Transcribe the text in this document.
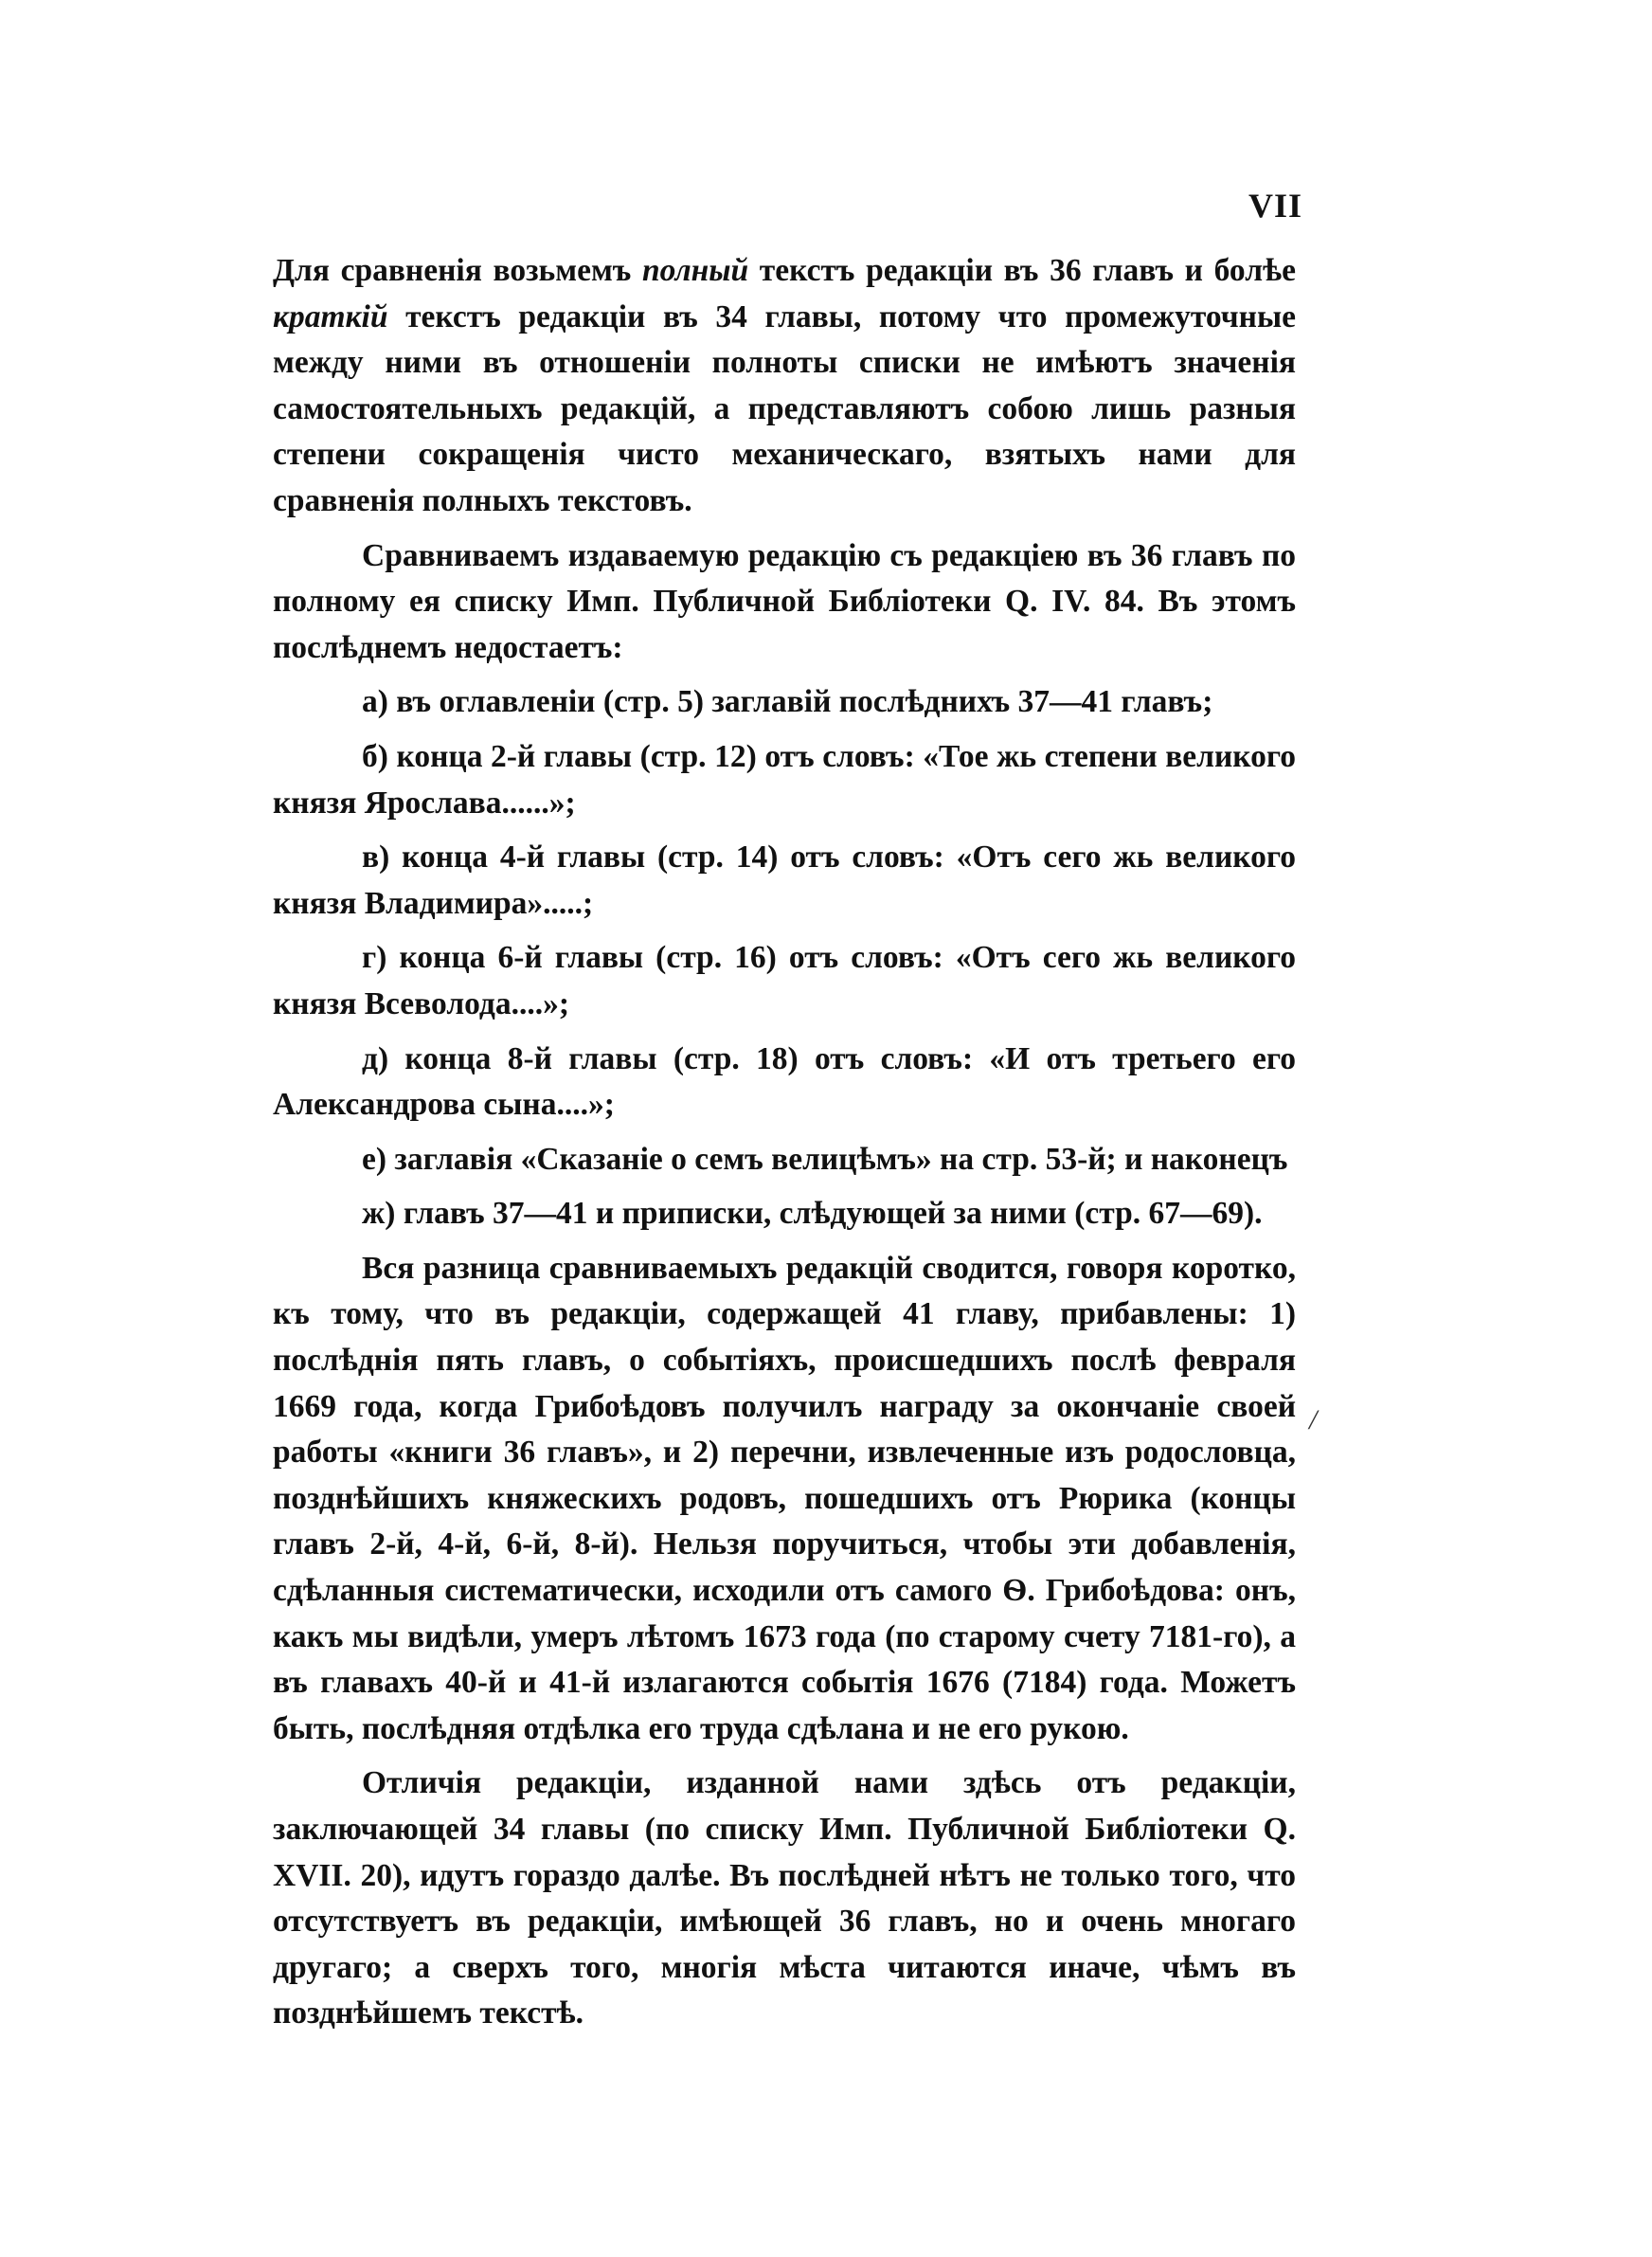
VII

Для сравненія возьмемъ полный текстъ редакціи въ 36 главъ и болѣе краткій текстъ редакціи въ 34 главы, потому что промежуточные между ними въ отношеніи полноты списки не имѣютъ значенія самостоятельныхъ редакцій, а представляютъ собою лишь разныя степени сокращенія чисто механическаго, взятыхъ нами для сравненія полныхъ текстовъ.

Сравниваемъ издаваемую редакцію съ редакціею въ 36 главъ по полному ея списку Имп. Публичной Библіотеки Q. IV. 84. Въ этомъ послѣднемъ недостаетъ:

а) въ оглавленіи (стр. 5) заглавій послѣднихъ 37—41 главъ;

б) конца 2-й главы (стр. 12) отъ словъ: «Тое жь степени великого князя Ярослава......»;

в) конца 4-й главы (стр. 14) отъ словъ: «Отъ сего жь великого князя Владимира».....;

г) конца 6-й главы (стр. 16) отъ словъ: «Отъ сего жь великого князя Всеволода....»;

д) конца 8-й главы (стр. 18) отъ словъ: «И отъ третьего его Александрова сына....»;

е) заглавія «Сказаніе о семъ велицѣмъ» на стр. 53-й; и наконецъ

ж) главъ 37—41 и приписки, слѣдующей за ними (стр. 67—69).

Вся разница сравниваемыхъ редакцій сводится, говоря коротко, къ тому, что въ редакціи, содержащей 41 главу, прибавлены: 1) послѣднія пять главъ, о событіяхъ, происшедшихъ послѣ февраля 1669 года, когда Грибоѣдовъ получилъ награду за окончаніе своей работы «книги 36 главъ», и 2) перечни, извлеченные изъ родословца, позднѣйшихъ княжескихъ родовъ, пошедшихъ отъ Рюрика (концы главъ 2-й, 4-й, 6-й, 8-й). Нельзя поручиться, чтобы эти добавленія, сдѣланныя систематически, исходили отъ самого Ѳ. Грибоѣдова: онъ, какъ мы видѣли, умеръ лѣтомъ 1673 года (по старому счету 7181-го), а въ главахъ 40-й и 41-й излагаются событія 1676 (7184) года. Можетъ быть, послѣдняя отдѣлка его труда сдѣлана и не его рукою.

Отличія редакціи, изданной нами здѣсь отъ редакціи, заключающей 34 главы (по списку Имп. Публичной Библіотеки Q. XVII. 20), идутъ гораздо далѣе. Въ послѣдней нѣтъ не только того, что отсутствуетъ въ редакціи, имѣющей 36 главъ, но и очень многаго другаго; а сверхъ того, многія мѣста читаются иначе, чѣмъ въ позднѣйшемъ текстѣ.

/
